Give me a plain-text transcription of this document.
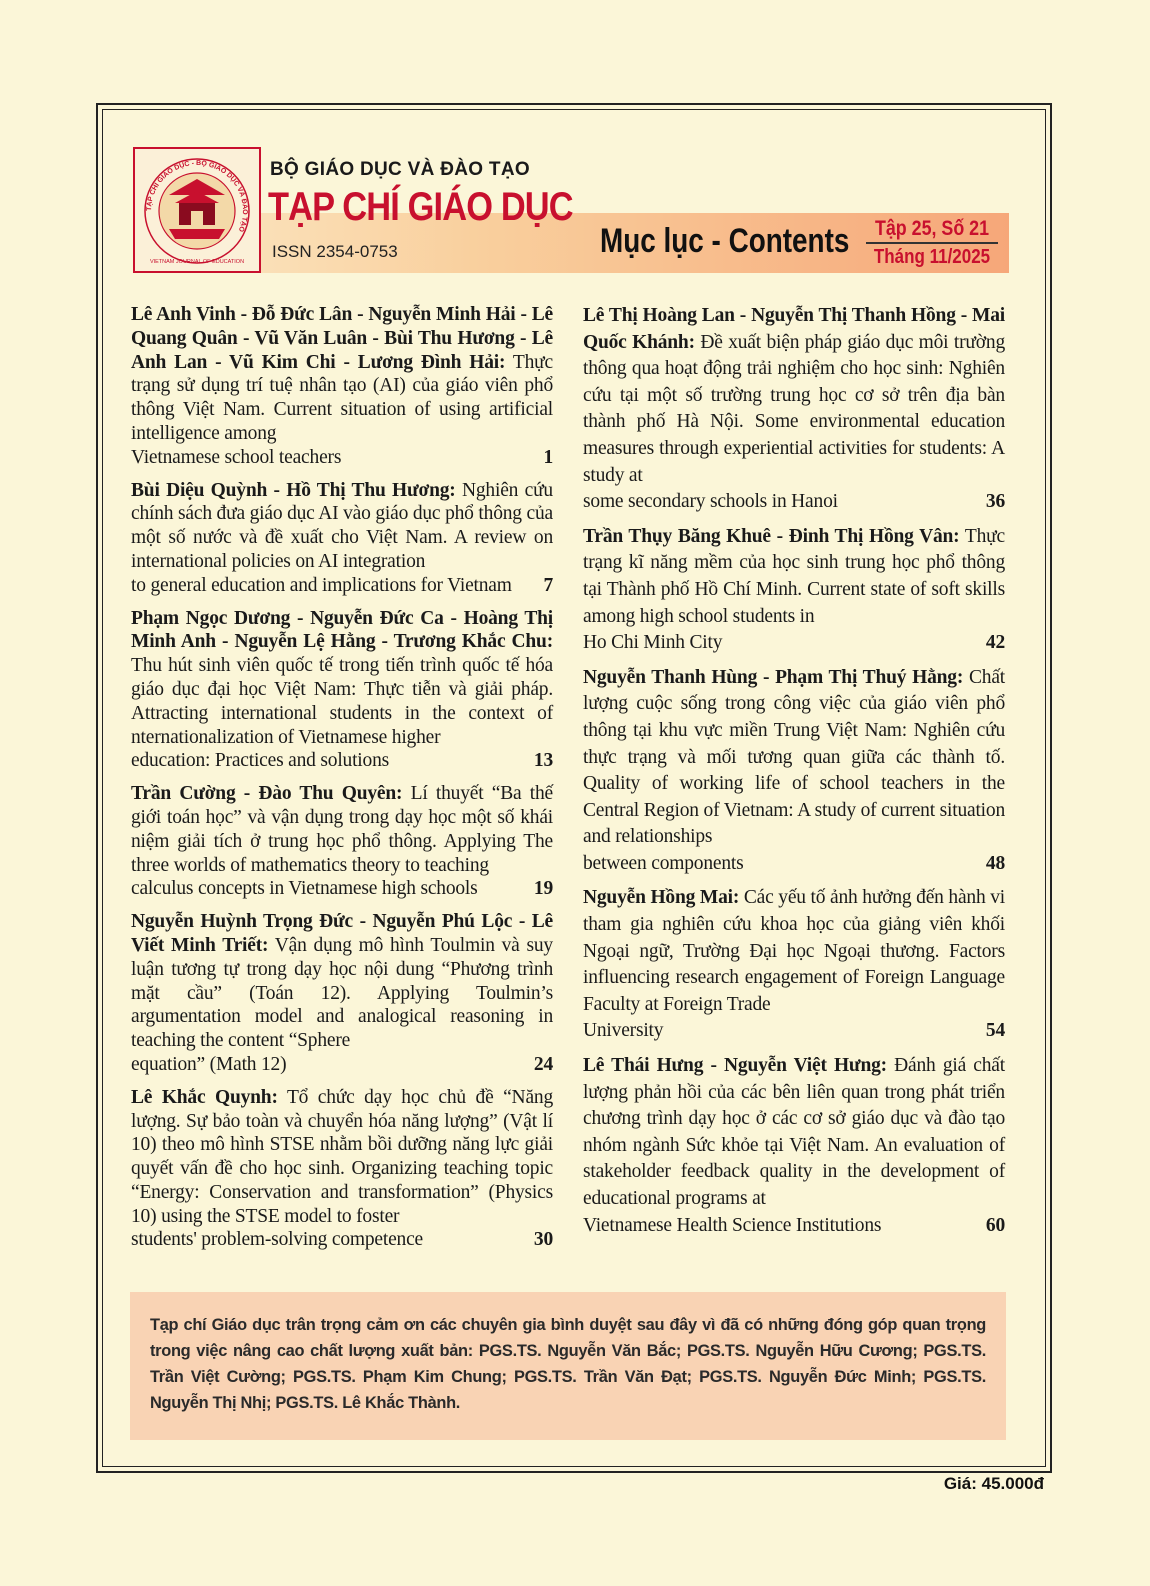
TẠP CHÍ GIÁO DỤC - BỘ GIÁO DỤC VÀ ĐÀO TẠO
VIETNAM JOURNAL OF EDUCATION
BỘ GIÁO DỤC VÀ ĐÀO TẠO
TẠP CHÍ GIÁO DỤC
ISSN 2354-0753	Mục lục - Contents Tập 25, Số 21
Tháng 11/2025
Lê Anh Vinh - Đỗ Đức Lân - Nguyễn Minh Hải - Lê Quang Quân - Vũ Văn Luân - Bùi Thu Hương - Lê Anh Lan - Vũ Kim Chi - Lương Đình Hải: Thực trạng sử dụng trí tuệ nhân tạo (AI) của giáo viên phổ thông Việt Nam. Current situation of using artificial intelligence among
Vietnamese school teachers	1
Bùi Diệu Quỳnh - Hồ Thị Thu Hương: Nghiên cứu chính sách đưa giáo dục AI vào giáo dục phổ thông của một số nước và đề xuất cho Việt Nam. A review on international policies on AI integration
to general education and implications for Vietnam	7
Phạm Ngọc Dương - Nguyễn Đức Ca - Hoàng Thị Minh Anh - Nguyễn Lệ Hằng - Trương Khắc Chu: Thu hút sinh viên quốc tế trong tiến trình quốc tế hóa giáo dục đại học Việt Nam: Thực tiễn và giải pháp. Attracting international students in the context of nternationalization of Vietnamese higher
education: Practices and solutions	13
Trần Cường - Đào Thu Quyên: Lí thuyết “Ba thế giới toán học” và vận dụng trong dạy học một số khái niệm giải tích ở trung học phổ thông. Applying The three worlds of mathematics theory to teaching
calculus concepts in Vietnamese high schools	19
Nguyễn Huỳnh Trọng Đức - Nguyễn Phú Lộc - Lê Viết Minh Triết: Vận dụng mô hình Toulmin và suy luận tương tự trong dạy học nội dung “Phương trình mặt cầu” (Toán 12). Applying Toulmin’s argumentation model and analogical reasoning in teaching the content “Sphere
equation” (Math 12)	24
Lê Khắc Quynh: Tổ chức dạy học chủ đề “Năng lượng. Sự bảo toàn và chuyển hóa năng lượng” (Vật lí 10) theo mô hình STSE nhằm bồi dưỡng năng lực giải quyết vấn đề cho học sinh. Organizing teaching topic “Energy: Conservation and transformation” (Physics 10) using the STSE model to foster
students' problem-solving competence	30
Lê Thị Hoàng Lan - Nguyễn Thị Thanh Hồng - Mai Quốc Khánh: Đề xuất biện pháp giáo dục môi trường thông qua hoạt động trải nghiệm cho học sinh: Nghiên cứu tại một số trường trung học cơ sở trên địa bàn thành phố Hà Nội. Some environmental education measures through experiential activities for students: A study at
some secondary schools in Hanoi	36
Trần Thụy Băng Khuê - Đinh Thị Hồng Vân: Thực trạng kĩ năng mềm của học sinh trung học phổ thông tại Thành phố Hồ Chí Minh. Current state of soft skills among high school students in
Ho Chi Minh City	42
Nguyễn Thanh Hùng - Phạm Thị Thuý Hằng: Chất lượng cuộc sống trong công việc của giáo viên phổ thông tại khu vực miền Trung Việt Nam: Nghiên cứu thực trạng và mối tương quan giữa các thành tố. Quality of working life of school teachers in the Central Region of Vietnam: A study of current situation and relationships
between components	48
Nguyễn Hồng Mai: Các yếu tố ảnh hưởng đến hành vi tham gia nghiên cứu khoa học của giảng viên khối Ngoại ngữ, Trường Đại học Ngoại thương. Factors influencing research engagement of Foreign Language Faculty at Foreign Trade
University	54
Lê Thái Hưng - Nguyễn Việt Hưng: Đánh giá chất lượng phản hồi của các bên liên quan trong phát triển chương trình dạy học ở các cơ sở giáo dục và đào tạo nhóm ngành Sức khỏe tại Việt Nam. An evaluation of stakeholder feedback quality in the development of educational programs at
Vietnamese Health Science Institutions	60
Tạp chí Giáo dục trân trọng cảm ơn các chuyên gia bình duyệt sau đây vì đã có những đóng góp quan trọng trong việc nâng cao chất lượng xuất bản: PGS.TS. Nguyễn Văn Bắc; PGS.TS. Nguyễn Hữu Cương; PGS.TS. Trần Việt Cường; PGS.TS. Phạm Kim Chung; PGS.TS. Trần Văn Đạt; PGS.TS. Nguyễn Đức Minh; PGS.TS. Nguyễn Thị Nhị; PGS.TS. Lê Khắc Thành.
Giá: 45.000đ
